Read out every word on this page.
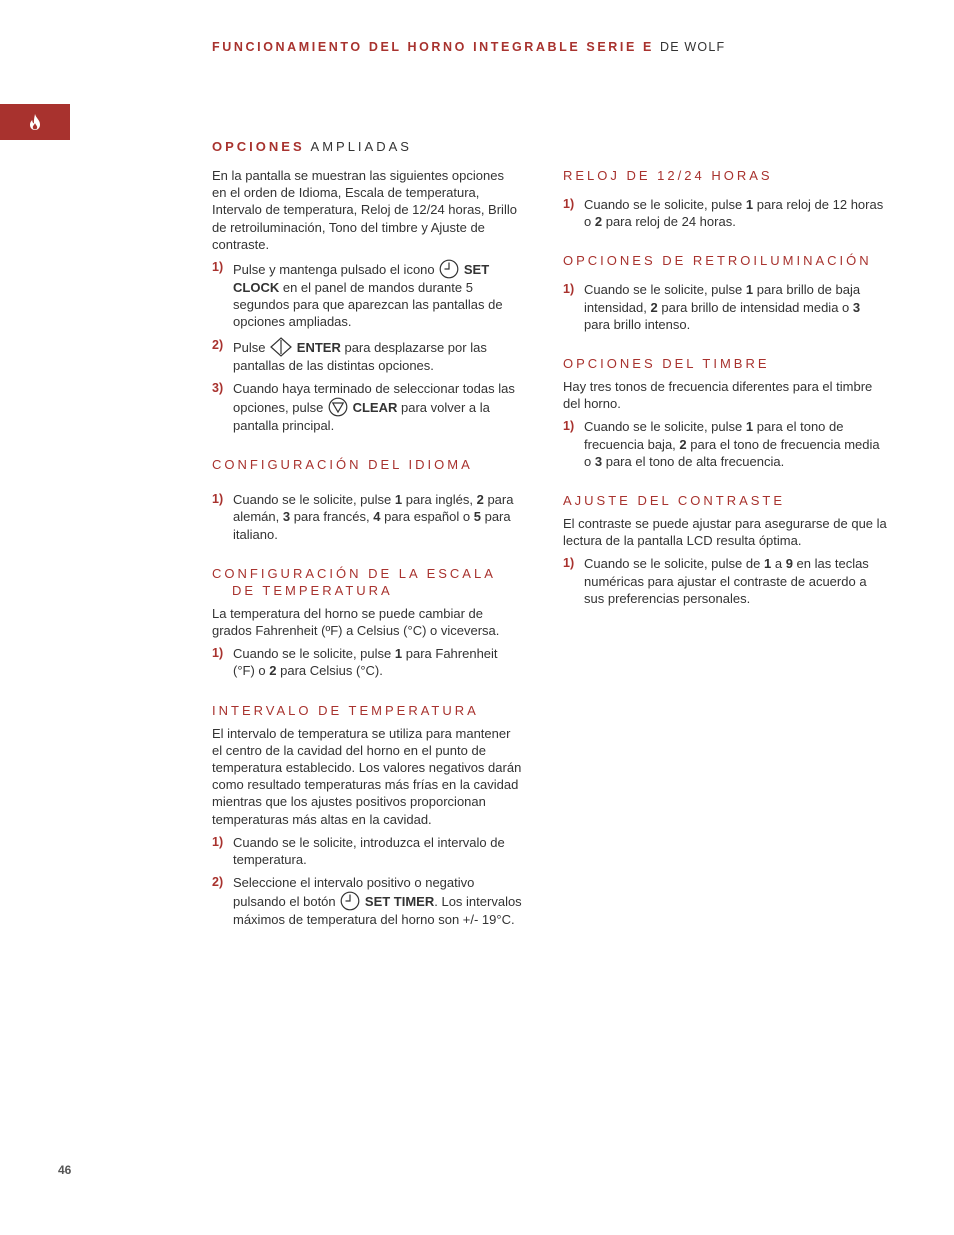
FUNCIONAMIENTO DEL HORNO INTEGRABLE SERIE E DE WOLF
OPCIONES AMPLIADAS

En la pantalla se muestran las siguientes opciones en el orden de Idioma, Escala de temperatura, Intervalo de temperatura, Reloj de 12/24 horas, Brillo de retroiluminación, Tono del timbre y Ajuste de contraste.

1) Pulse y mantenga pulsado el icono SET CLOCK en el panel de mandos durante 5 segundos para que aparezcan las pantallas de opciones ampliadas.
2) Pulse ENTER para desplazarse por las pantallas de las distintas opciones.
3) Cuando haya terminado de seleccionar todas las opciones, pulse CLEAR para volver a la pantalla principal.
CONFIGURACIÓN DEL IDIOMA
1) Cuando se le solicite, pulse 1 para inglés, 2 para alemán, 3 para francés, 4 para español o 5 para italiano.
CONFIGURACIÓN DE LA ESCALA
DE TEMPERATURA

La temperatura del horno se puede cambiar de grados Fahrenheit (ºF) a Celsius (°C) o viceversa.

1) Cuando se le solicite, pulse 1 para Fahrenheit (°F) o 2 para Celsius (°C).
INTERVALO DE TEMPERATURA

El intervalo de temperatura se utiliza para mantener el centro de la cavidad del horno en el punto de temperatura establecido. Los valores negativos darán como resultado temperaturas más frías en la cavidad mientras que los ajustes positivos proporcionan temperaturas más altas en la cavidad.

1) Cuando se le solicite, introduzca el intervalo de temperatura.
2) Seleccione el intervalo positivo o negativo pulsando el botón SET TIMER. Los intervalos máximos de temperatura del horno son +/- 19°C.
RELOJ DE 12/24 HORAS
1) Cuando se le solicite, pulse 1 para reloj de 12 horas o 2 para reloj de 24 horas.
OPCIONES DE RETROILUMINACIÓN
1) Cuando se le solicite, pulse 1 para brillo de baja intensidad, 2 para brillo de intensidad media o 3 para brillo intenso.
OPCIONES DEL TIMBRE

Hay tres tonos de frecuencia diferentes para el timbre del horno.

1) Cuando se le solicite, pulse 1 para el tono de frecuencia baja, 2 para el tono de frecuencia media o 3 para el tono de alta frecuencia.
AJUSTE DEL CONTRASTE

El contraste se puede ajustar para asegurarse de que la lectura de la pantalla LCD resulta óptima.

1) Cuando se le solicite, pulse de 1 a 9 en las teclas numéricas para ajustar el contraste de acuerdo a sus preferencias personales.
46
